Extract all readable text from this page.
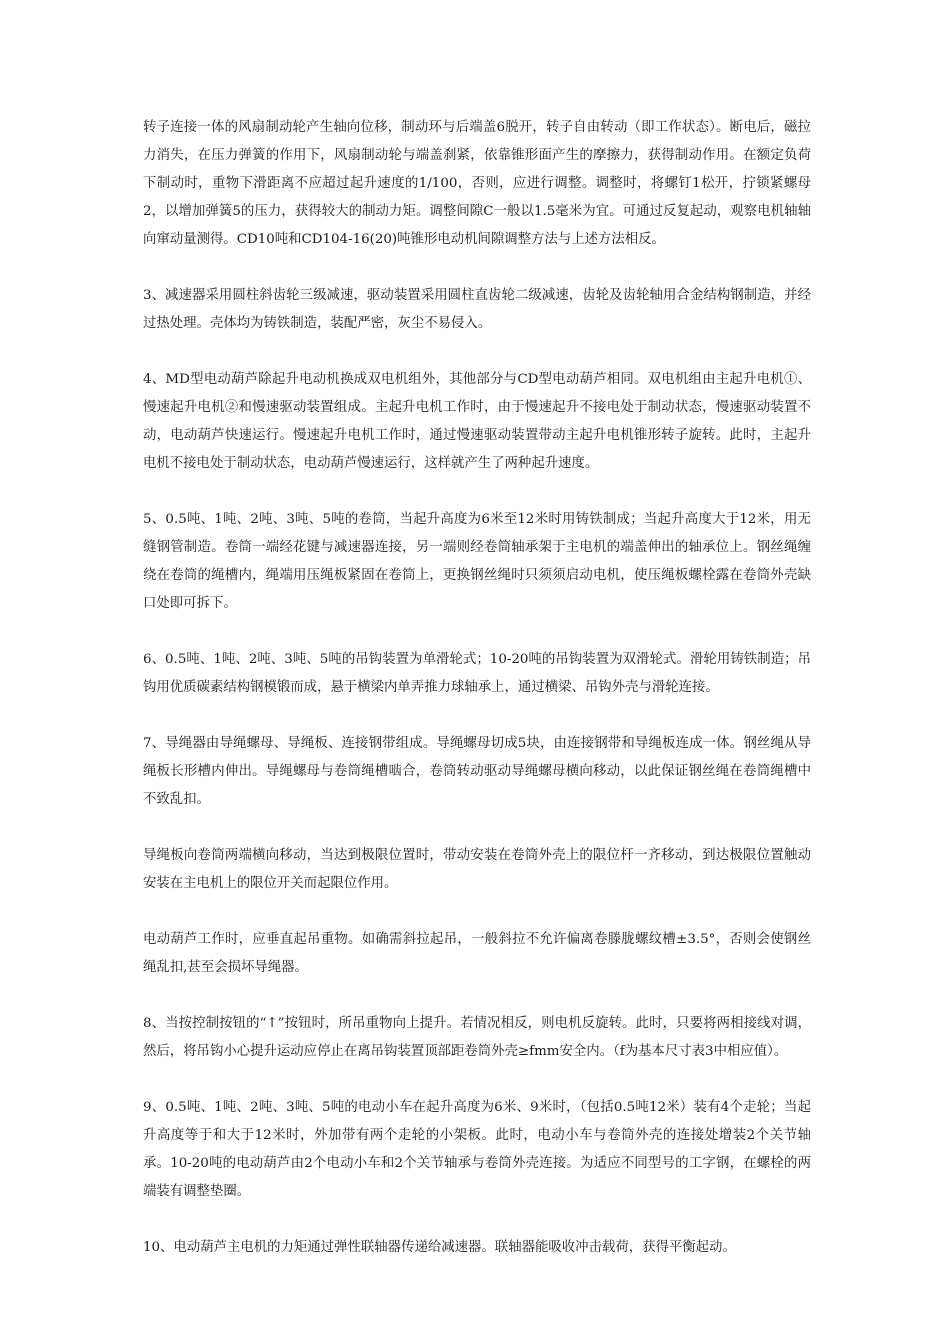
转子连接一体的风扇制动轮产生轴向位移，制动环与后端盖6脱开，转子自由转动（即工作状态）。断电后，磁拉力消失，在压力弹簧的作用下，风扇制动轮与端盖刹紧，依靠锥形面产生的摩擦力，获得制动作用。在额定负荷下制动时，重物下滑距离不应超过起升速度的1/100，否则，应进行调整。调整时，将螺钉1松开，拧锁紧螺母2，以增加弹簧5的压力，获得较大的制动力矩。调整间隙C一般以1.5毫米为宜。可通过反复起动，观察电机轴轴向窜动量测得。CD10吨和CD104-16(20)吨锥形电动机间隙调整方法与上述方法相反。

3、减速器采用圆柱斜齿轮三级减速，驱动装置采用圆柱直齿轮二级减速，齿轮及齿轮轴用合金结构钢制造，并经过热处理。壳体均为铸铁制造，装配严密，灰尘不易侵入。

4、MD型电动葫芦除起升电动机换成双电机组外，其他部分与CD型电动葫芦相同。双电机组由主起升电机①、慢速起升电机②和慢速驱动装置组成。主起升电机工作时，由于慢速起升不接电处于制动状态，慢速驱动装置不动，电动葫芦快速运行。慢速起升电机工作时，通过慢速驱动装置带动主起升电机锥形转子旋转。此时，主起升电机不接电处于制动状态，电动葫芦慢速运行，这样就产生了两种起升速度。

5、0.5吨、1吨、2吨、3吨、5吨的卷筒，当起升高度为6米至12米时用铸铁制成；当起升高度大于12米，用无缝钢管制造。卷筒一端经花键与减速器连接，另一端则经卷筒轴承架于主电机的端盖伸出的轴承位上。钢丝绳缠绕在卷筒的绳槽内，绳端用压绳板紧固在卷筒上，更换钢丝绳时只须须启动电机，使压绳板螺栓露在卷筒外壳缺口处即可拆下。

6、0.5吨、1吨、2吨、3吨、5吨的吊钩装置为单滑轮式；10-20吨的吊钩装置为双滑轮式。滑轮用铸铁制造；吊钩用优质碳素结构钢模锻而成，悬于横梁内单弄推力球轴承上，通过横梁、吊钩外壳与滑轮连接。

7、导绳器由导绳螺母、导绳板、连接钢带组成。导绳螺母切成5块，由连接钢带和导绳板连成一体。钢丝绳从导绳板长形槽内伸出。导绳螺母与卷筒绳槽啮合，卷筒转动驱动导绳螺母横向移动，以此保证钢丝绳在卷筒绳槽中不致乱扣。

导绳板向卷筒两端横向移动，当达到极限位置时，带动安装在卷筒外壳上的限位杆一齐移动，到达极限位置触动安装在主电机上的限位开关而起限位作用。

电动葫芦工作时，应垂直起吊重物。如确需斜拉起吊，一般斜拉不允许偏离卷滕胧螺纹槽±3.5°，否则会使钢丝绳乱扣,甚至会损坏导绳器。

8、当按控制按钮的“↑”按钮时，所吊重物向上提升。若情况相反，则电机反旋转。此时，只要将两相接线对调，然后，将吊钩小心提升运动应停止在离吊钩装置顶部距卷筒外壳≥fmm安全内。（f为基本尺寸表3中相应值）。

9、0.5吨、1吨、2吨、3吨、5吨的电动小车在起升高度为6米、9米时，（包括0.5吨12米）装有4个走轮；当起升高度等于和大于12米时，外加带有两个走轮的小架板。此时，电动小车与卷筒外壳的连接处增装2个关节轴承。10-20吨的电动葫芦由2个电动小车和2个关节轴承与卷筒外壳连接。为适应不同型号的工字钢，在螺栓的两端装有调整垫圈。

10、电动葫芦主电机的力矩通过弹性联轴器传递给减速器。联轴器能吸收冲击载荷，获得平衡起动。
